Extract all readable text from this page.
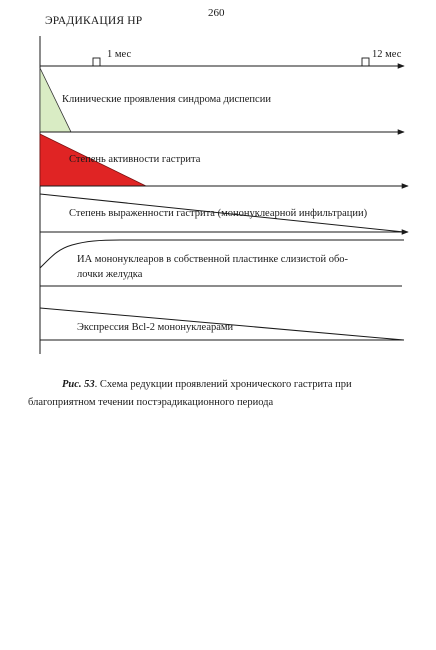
260
ЭРАДИКАЦИЯ НР
1 мес	12 мес
Клинические проявления синдрома диспепсии
Степень активности гастрита
Степень выраженности гастрита (мононуклеарной инфильтрации)
ИА мононуклеаров в собственной пластинке слизистой обо-
лочки желудка
Экспрессия Bcl-2 мононуклеарами

Рис. 53. Схема редукции проявлений хронического гастрита при благоприятном течении постэрадикационного периода
